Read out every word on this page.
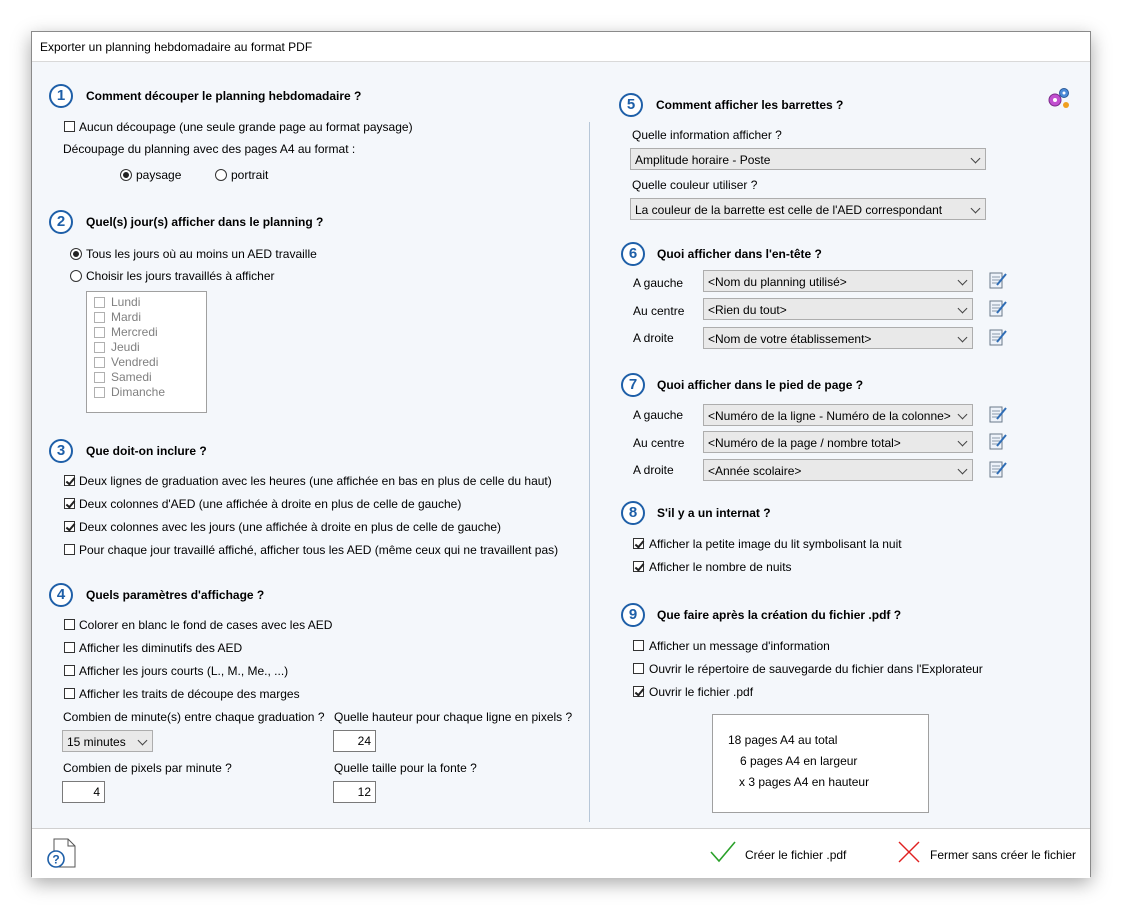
Exporter un planning hebdomadaire au format PDF
1	Comment découper le planning hebdomadaire ?
Aucun découpage (une seule grande page au format paysage)
Découpage du planning avec des pages A4 au format :
paysage	portrait
2	Quel(s) jour(s) afficher dans le planning ?
Tous les jours où au moins un AED travaille
Choisir les jours travaillés à afficher
Lundi
Mardi
Mercredi
Jeudi
Vendredi
Samedi
Dimanche
3	Que doit-on inclure ?
Deux lignes de graduation avec les heures (une affichée en bas en plus de celle du haut)
Deux colonnes d'AED (une affichée à droite en plus de celle de gauche)
Deux colonnes avec les jours (une affichée à droite en plus de celle de gauche)
Pour chaque jour travaillé affiché, afficher tous les AED (même ceux qui ne travaillent pas)
4	Quels paramètres d'affichage ?
Colorer en blanc le fond de cases avec les AED
Afficher les diminutifs des AED
Afficher les jours courts (L., M., Me., ...)
Afficher les traits de découpe des marges
Combien de minute(s) entre chaque graduation ?
15 minutes
Quelle hauteur pour chaque ligne en pixels ?
24
Combien de pixels par minute ?
4
Quelle taille pour la fonte ?
12
5	Comment afficher les barrettes ?
Quelle information afficher ?
Amplitude horaire - Poste
Quelle couleur utiliser ?
La couleur de la barrette est celle de l'AED correspondant
6	Quoi afficher dans l'en-tête ?
A gauche <Nom du planning utilisé>
Au centre <Rien du tout>
A droite	<Nom de votre établissement>
7	Quoi afficher dans le pied de page ?
A gauche <Numéro de la ligne - Numéro de la colonne>
Au centre <Numéro de la page / nombre total>
A droite	<Année scolaire>
8	S'il y a un internat ?
Afficher la petite image du lit symbolisant la nuit
Afficher le nombre de nuits
9	Que faire après la création du fichier .pdf ?
Afficher un message d'information
Ouvrir le répertoire de sauvegarde du fichier dans l'Explorateur
Ouvrir le fichier .pdf
18 pages A4 au total
6 pages A4 en largeur
x 3 pages A4 en hauteur
?	Créer le fichier .pdf	Fermer sans créer le fichier
